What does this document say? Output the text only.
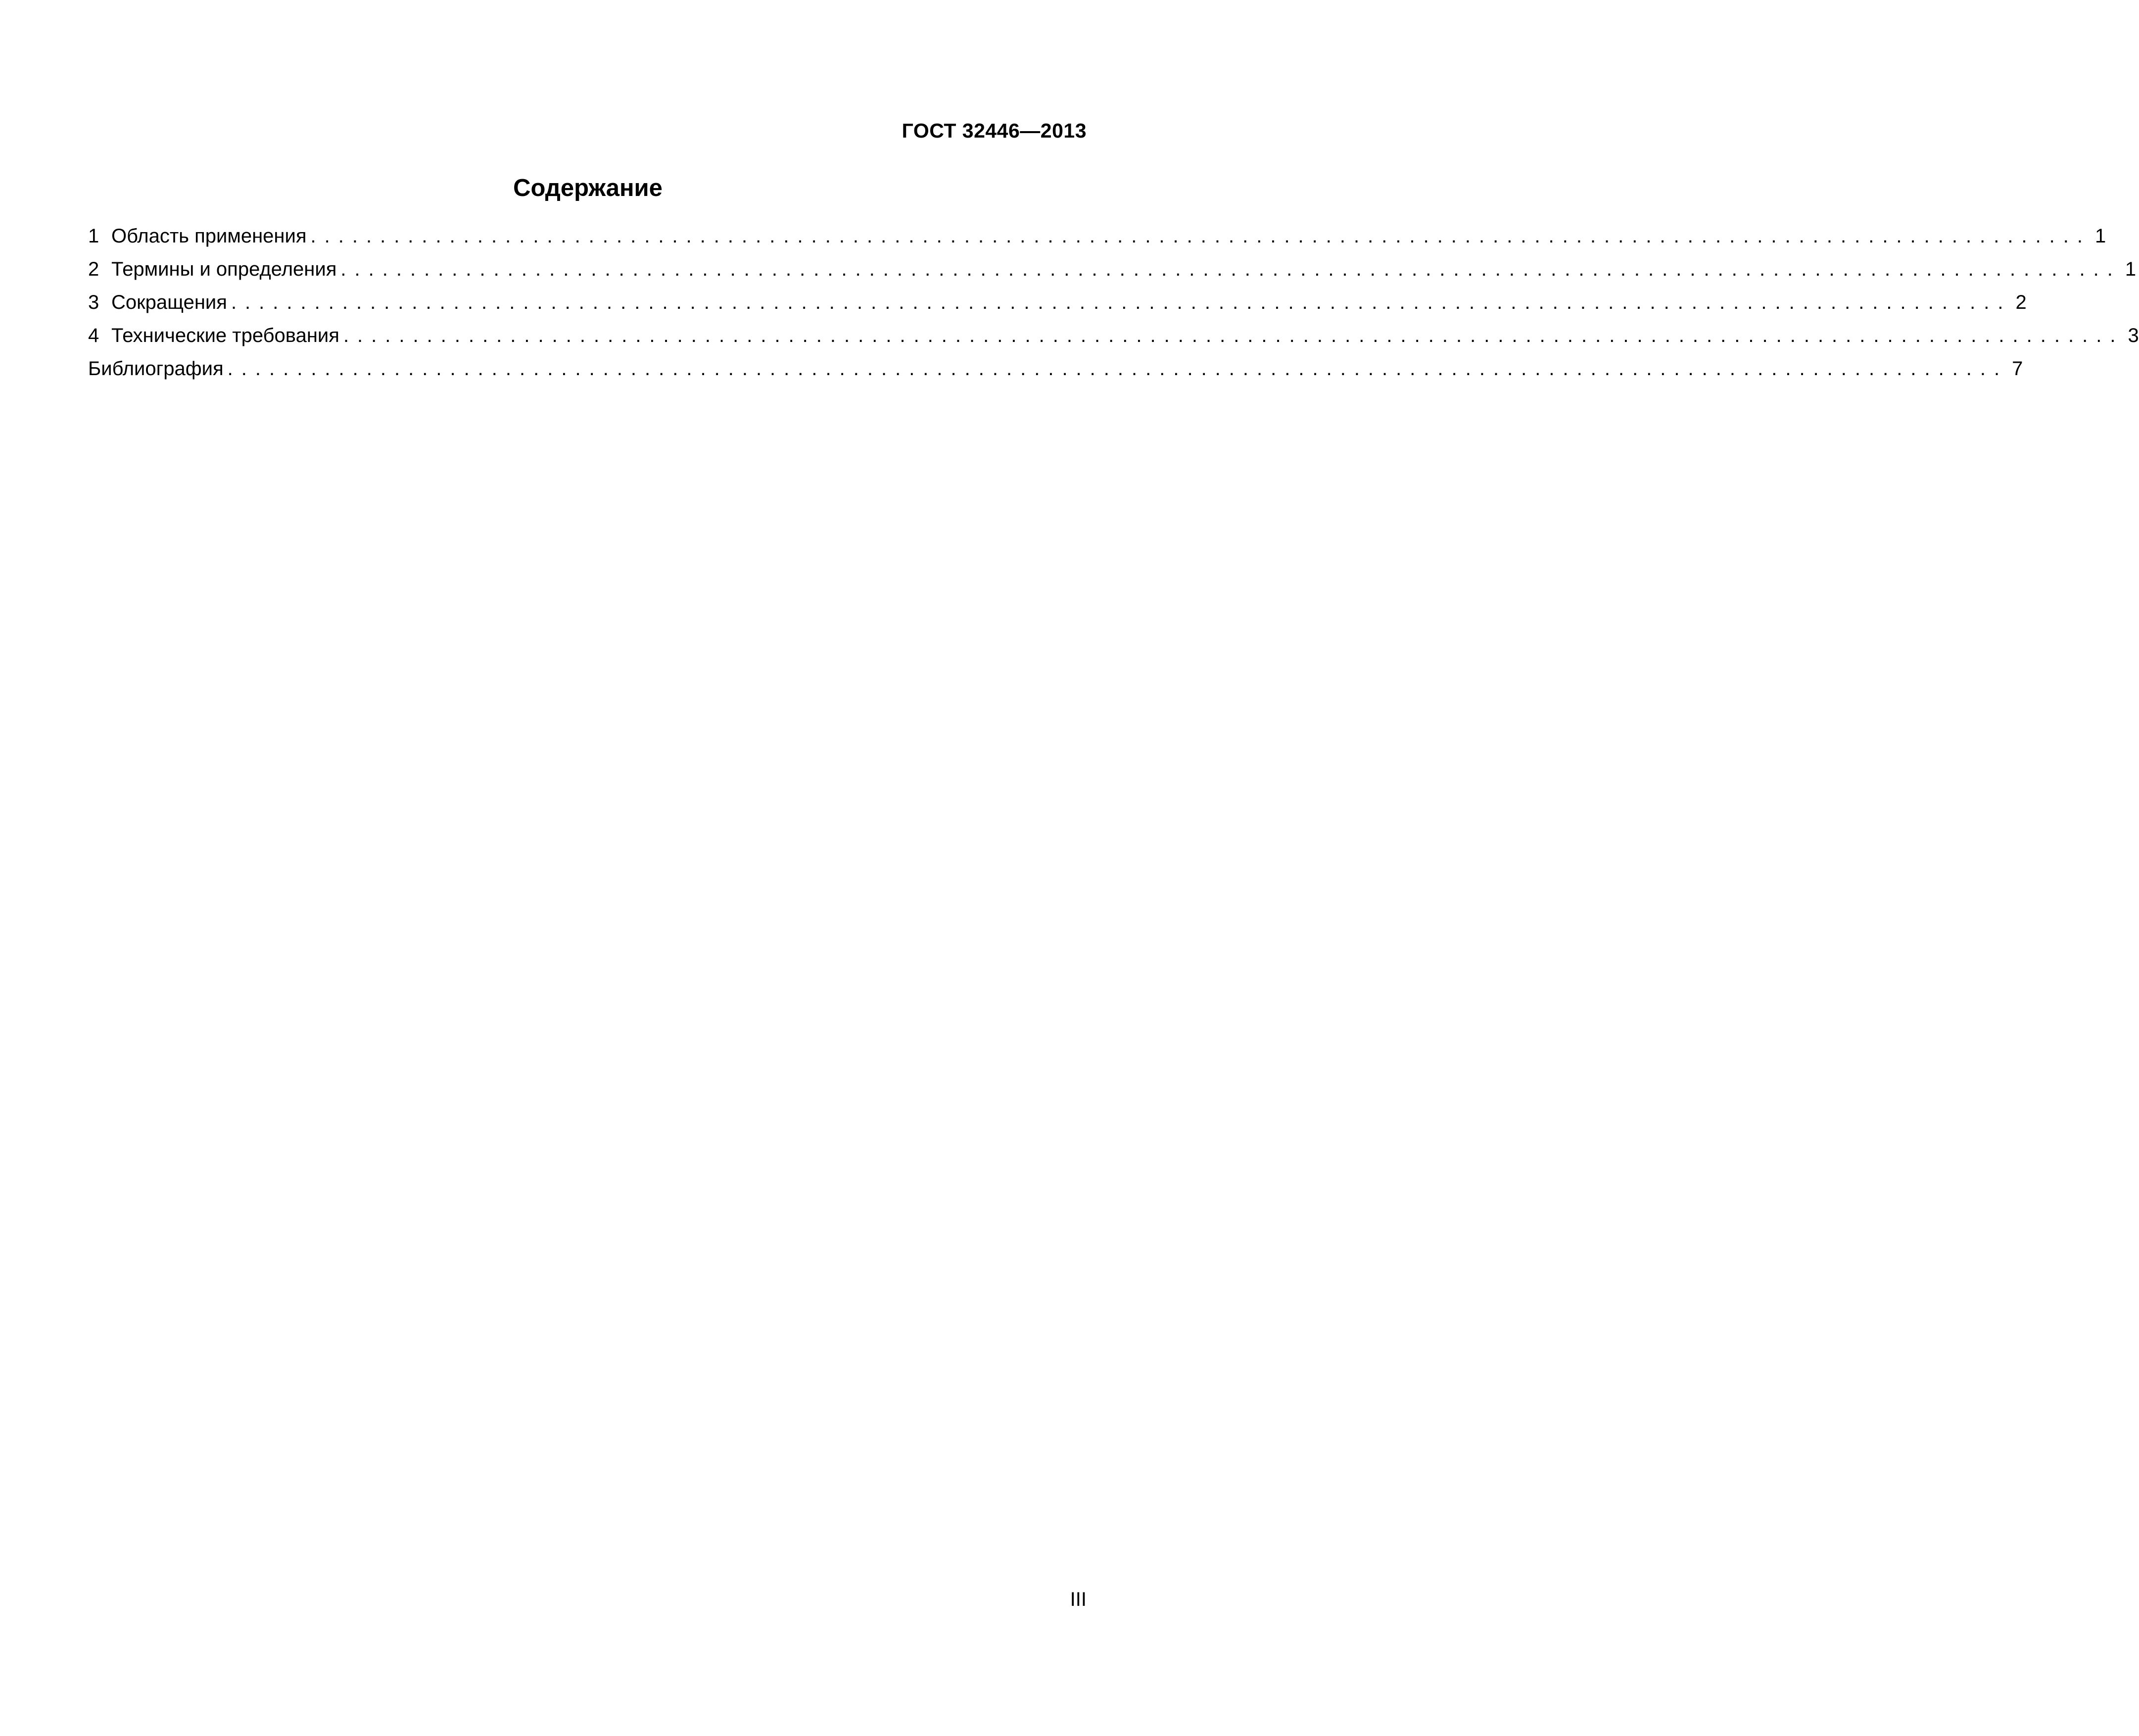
ГОСТ 32446—2013
Содержание
1 Область применения ................................................................................................................................ 1
2 Термины и определения ................................................................................................................................ 1
3 Сокращения ................................................................................................................................ 2
4 Технические требования ................................................................................................................................ 3
Библиография ................................................................................................................................ 7
III
